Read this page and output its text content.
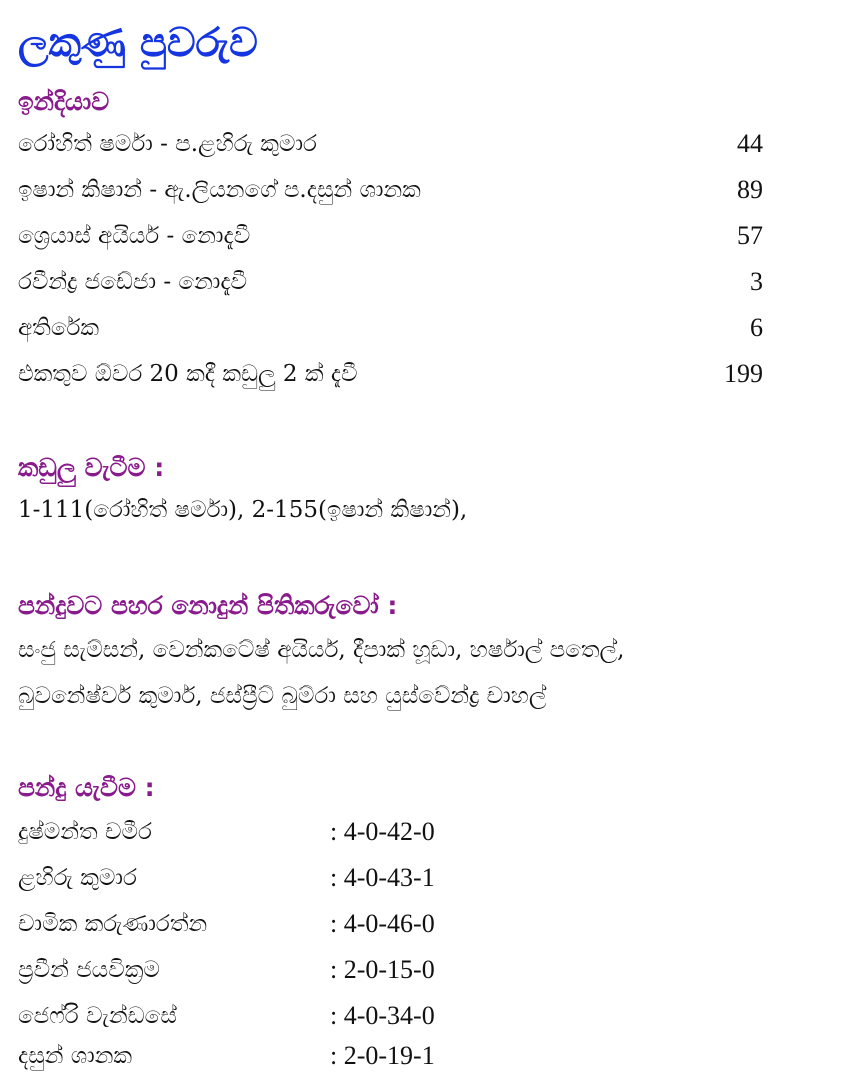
ලකුණු පුවරුව
ඉන්දියාව
රෝහිත් ෂර්මා - ප.ළහිරු කුමාර	44
ඉෂාන් කිෂාන් - ඇ.ලියනගේ ප.දසුන් ශානක	89
ශ්‍රෙයාස් අයියර් - නොදැවී	57
රවීන්ද්‍ර ජඩේජා - නොදැවී	3
අතිරේක	6
එකතුව ඕවර 20 කදී කඩුලු 2 ක් දැවී	199
කඩුලු වැටීම :
1-111(රෝහිත් ෂර්මා), 2-155(ඉෂාන් කිෂාන්),
පන්දුවට පහර නොදුන් පිතිකරුවෝ :
සංජු සැම්සන්, වෙන්කටේෂ් අයියර්, දීපාක් හූඩා, හර්ෂාල් පතෙල්,
බුවනේෂ්වර් කුමාර්, ජස්ප්‍රීට් බුම්රා සහ යුස්වේන්ද්‍ර චාහල්
පන්දු යැවීම :
දුෂ්මන්ත චමීර	: 4-0-42-0
ළහිරු කුමාර	: 4-0-43-1
චාමික කරුණාරත්න	: 4-0-46-0
ප්‍රවීන් ජයවික්‍රම	: 2-0-15-0
ජෙෆ්රි වැන්ඩසේ	: 4-0-34-0
දසුන් ශානක	: 2-0-19-1
